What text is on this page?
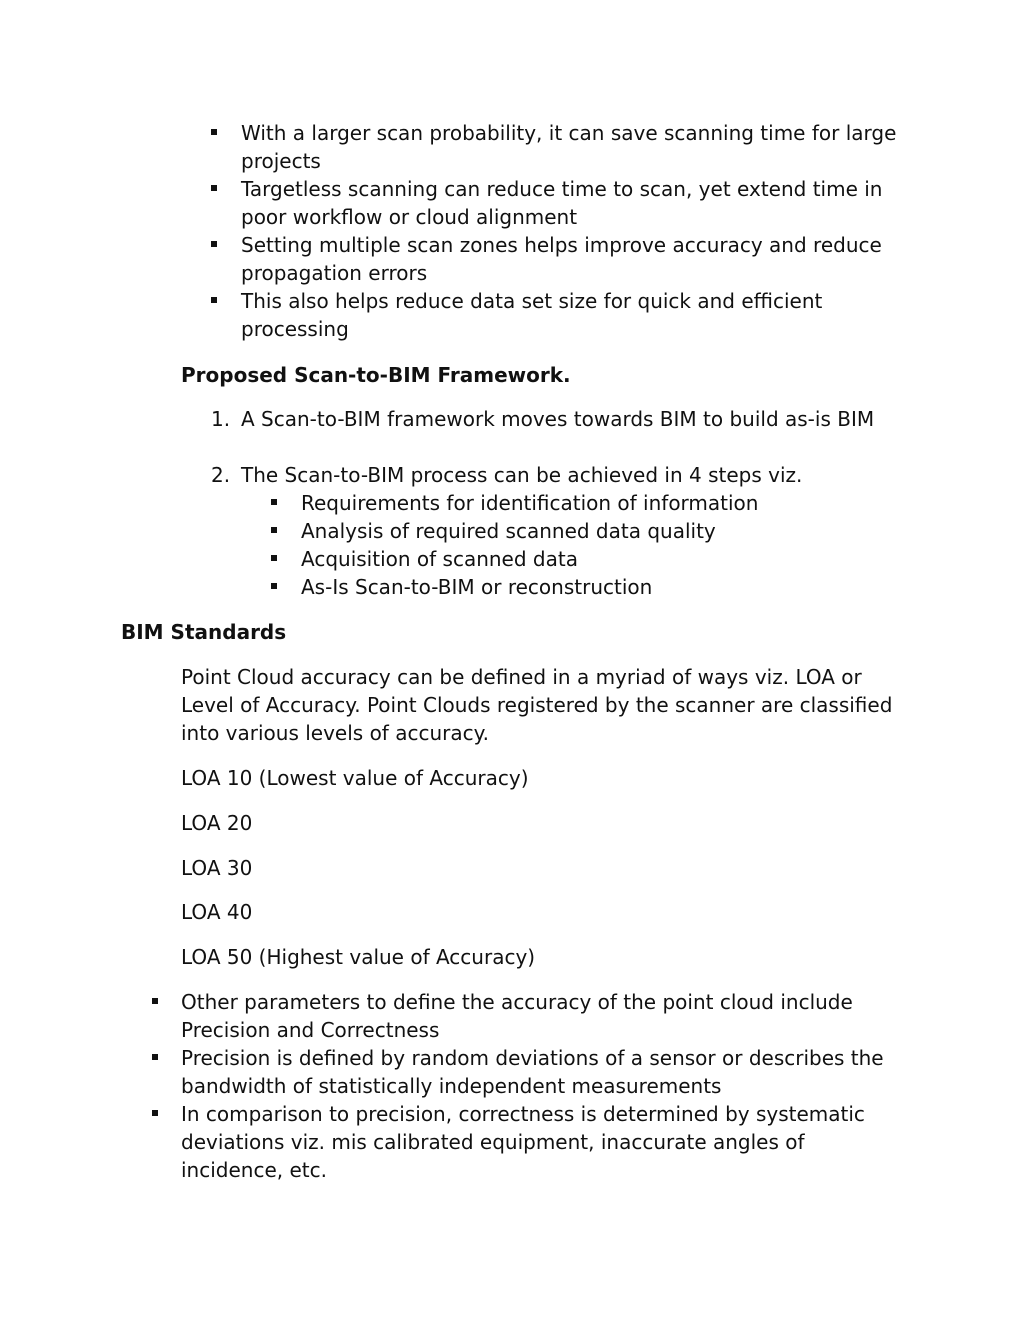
With a larger scan probability, it can save scanning time for large
projects
Targetless scanning can reduce time to scan, yet extend time in
poor workflow or cloud alignment
Setting multiple scan zones helps improve accuracy and reduce
propagation errors
This also helps reduce data set size for quick and efficient
processing
Proposed Scan-to-BIM Framework.
1. A Scan-to-BIM framework moves towards BIM to build as-is BIM
2. The Scan-to-BIM process can be achieved in 4 steps viz.
Requirements for identification of information
Analysis of required scanned data quality
Acquisition of scanned data
As-Is Scan-to-BIM or reconstruction
BIM Standards
Point Cloud accuracy can be defined in a myriad of ways viz. LOA or
Level of Accuracy. Point Clouds registered by the scanner are classified
into various levels of accuracy.
LOA 10 (Lowest value of Accuracy)
LOA 20
LOA 30
LOA 40
LOA 50 (Highest value of Accuracy)
Other parameters to define the accuracy of the point cloud include
Precision and Correctness
Precision is defined by random deviations of a sensor or describes the
bandwidth of statistically independent measurements
In comparison to precision, correctness is determined by systematic
deviations viz. mis calibrated equipment, inaccurate angles of
incidence, etc.
